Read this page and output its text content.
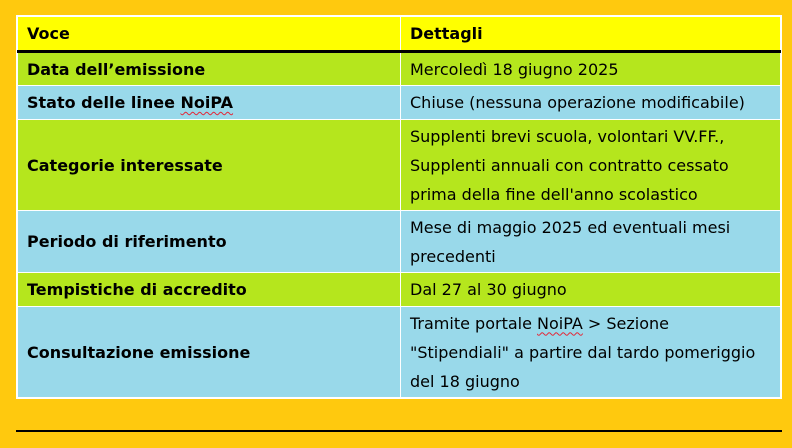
Voce	Dettagli
Data dell’emissione	Mercoledì 18 giugno 2025
Stato delle linee NoiPA	Chiuse (nessuna operazione modificabile)
Categorie interessate	Supplenti brevi scuola, volontari VV.FF.,
Supplenti annuali con contratto cessato
prima della fine dell'anno scolastico

Periodo di riferimento	Mese di maggio 2025 ed eventuali mesi
precedenti

Tempistiche di accredito	Dal 27 al 30 giugno
Consultazione emissione	Tramite portale NoiPA > Sezione
"Stipendiali" a partire dal tardo pomeriggio
del 18 giugno
